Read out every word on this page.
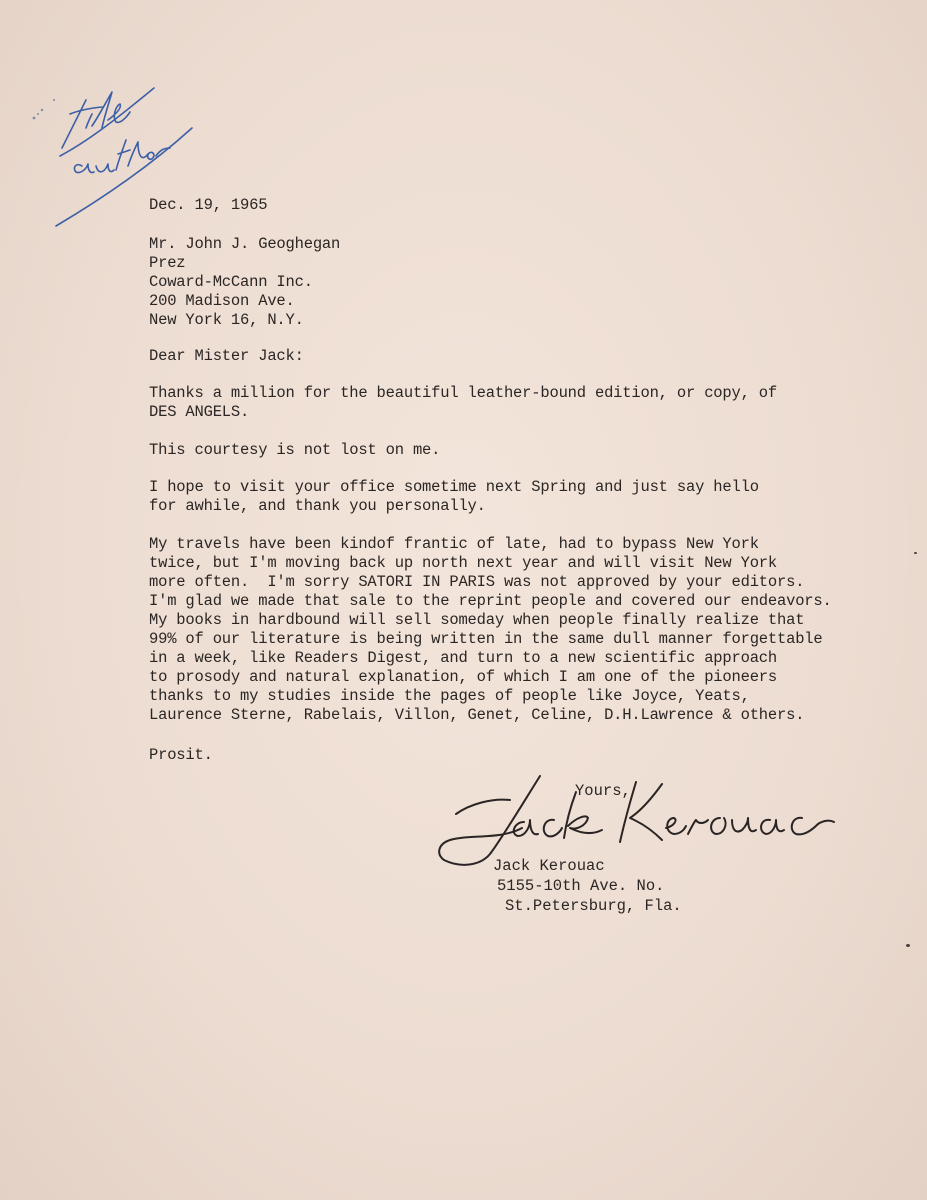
Dec. 19, 1965

Mr. John J. Geoghegan

Prez

Coward-McCann Inc.

200 Madison Ave.

New York 16, N.Y.

Dear Mister Jack:

Thanks a million for the beautiful leather-bound edition, or copy, of

DES ANGELS.

This courtesy is not lost on me.

I hope to visit your office sometime next Spring and just say hello

for awhile, and thank you personally.

My travels have been kindof frantic of late, had to bypass New York

twice, but I'm moving back up north next year and will visit New York

more often.  I'm sorry SATORI IN PARIS was not approved by your editors.

I'm glad we made that sale to the reprint people and covered our endeavors.

My books in hardbound will sell someday when people finally realize that

99% of our literature is being written in the same dull manner forgettable

in a week, like Readers Digest, and turn to a new scientific approach

to prosody and natural explanation, of which I am one of the pioneers

thanks to my studies inside the pages of people like Joyce, Yeats,

Laurence Sterne, Rabelais, Villon, Genet, Celine, D.H.Lawrence & others.

Prosit.

Yours,

Jack Kerouac

5155-10th Ave. No.

St.Petersburg, Fla.
